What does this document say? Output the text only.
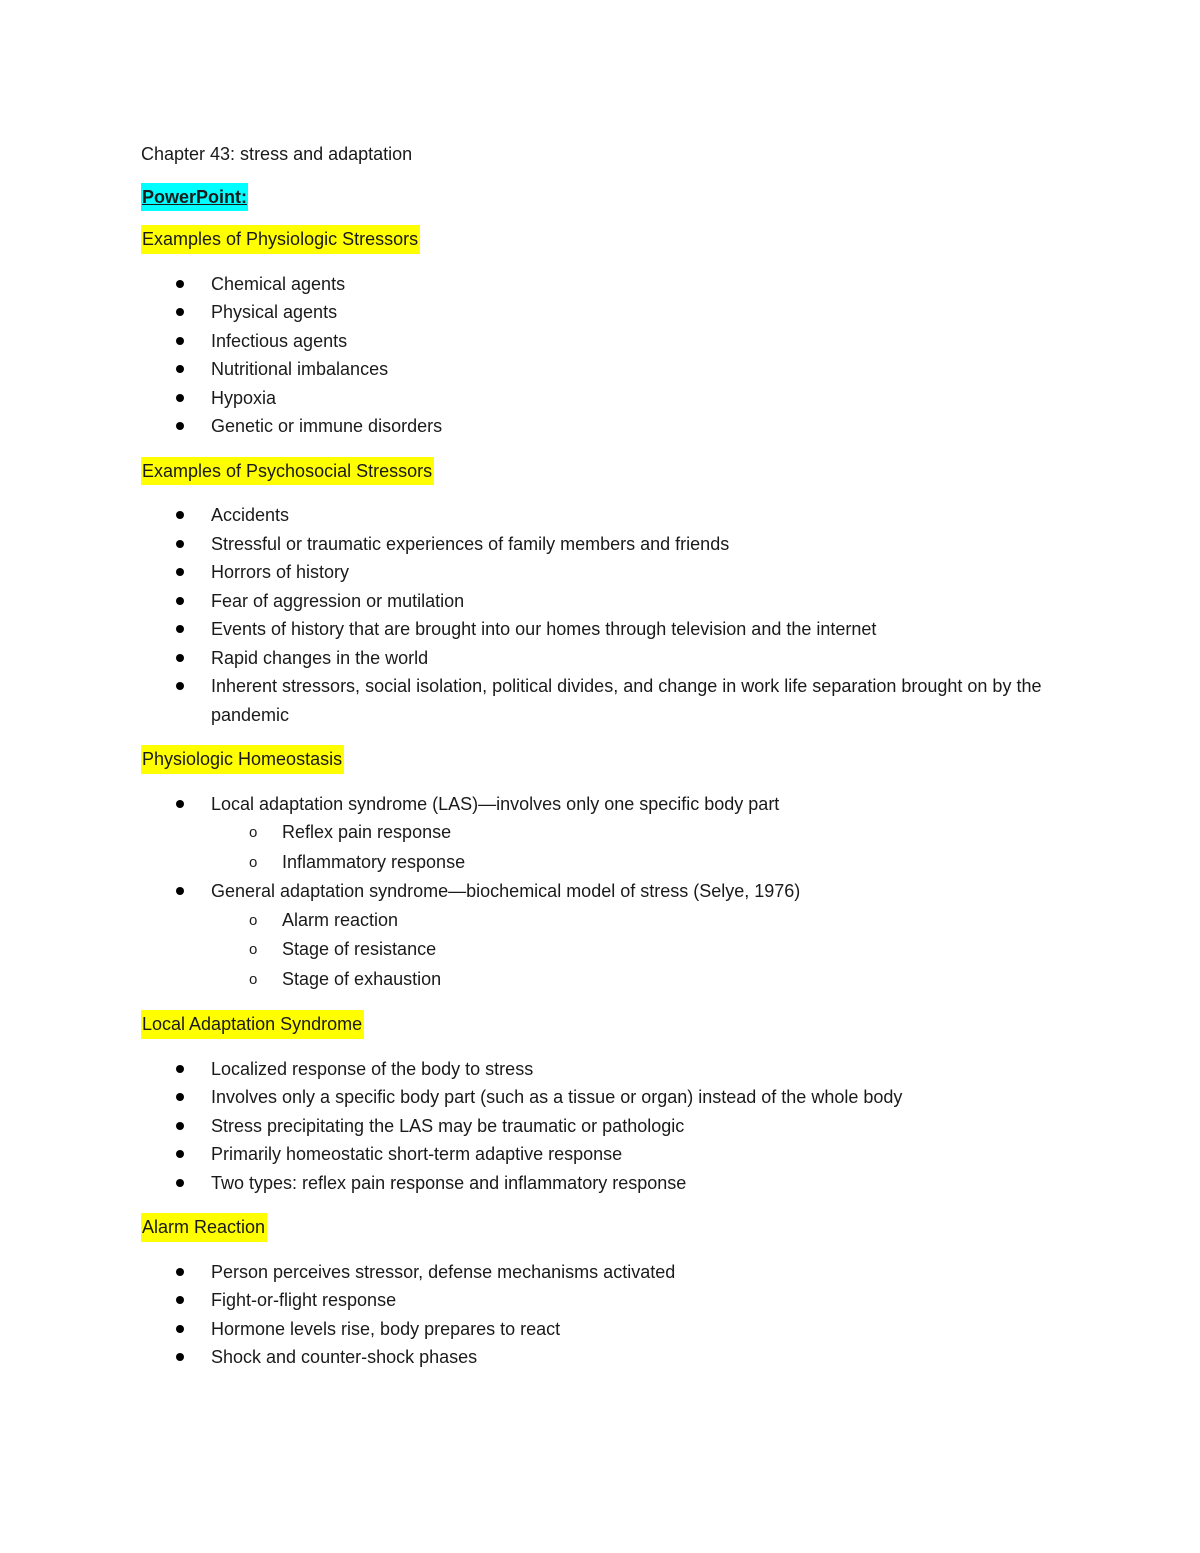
Chapter 43: stress and adaptation
PowerPoint:
Examples of Physiologic Stressors
Chemical agents
Physical agents
Infectious agents
Nutritional imbalances
Hypoxia
Genetic or immune disorders
Examples of Psychosocial Stressors
Accidents
Stressful or traumatic experiences of family members and friends
Horrors of history
Fear of aggression or mutilation
Events of history that are brought into our homes through television and the internet
Rapid changes in the world
Inherent stressors, social isolation, political divides, and change in work life separation brought on by the pandemic
Physiologic Homeostasis
Local adaptation syndrome (LAS)—involves only one specific body part
o Reflex pain response
o Inflammatory response
General adaptation syndrome—biochemical model of stress (Selye, 1976)
o Alarm reaction
o Stage of resistance
o Stage of exhaustion
Local Adaptation Syndrome
Localized response of the body to stress
Involves only a specific body part (such as a tissue or organ) instead of the whole body
Stress precipitating the LAS may be traumatic or pathologic
Primarily homeostatic short-term adaptive response
Two types: reflex pain response and inflammatory response
Alarm Reaction
Person perceives stressor, defense mechanisms activated
Fight-or-flight response
Hormone levels rise, body prepares to react
Shock and counter-shock phases
